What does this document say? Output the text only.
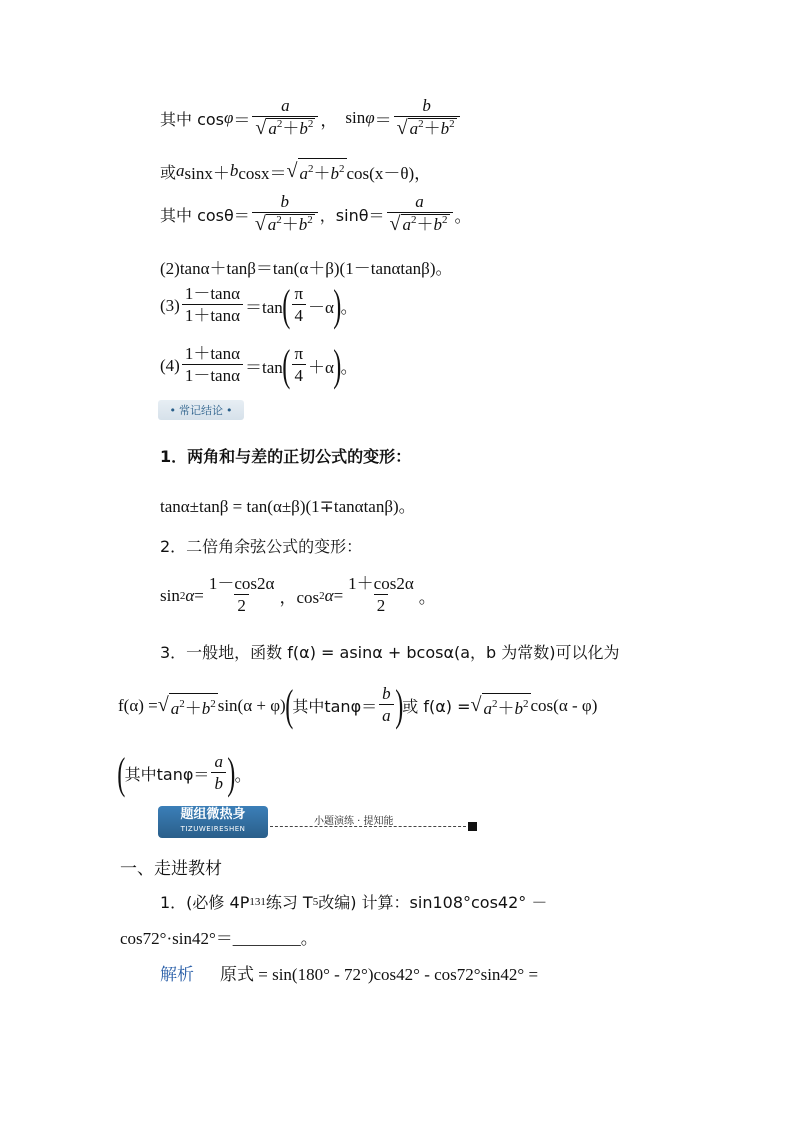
其中 $\cos \varphi = \frac{a}{√ a^2+b^2}$ ， $\sin \varphi = \frac{b}{√ a^2+b^2}$
或 a sinx＋ b cosx＝ √ $a^2+b^2$ cos(x－θ)，
其中 $\cos\theta= \frac{b}{√ a^2+b^2}$ ，$\sin\theta= \frac{a}{√ a^2+b^2}$ 。
(2)tanα＋tanβ＝tan(α＋β)(1－tanαtanβ)。
$(3) \frac{1-\tan\alpha}{1+\tan\alpha} =\tan$ ( $\frac{\pi}{4} -\alpha$ ) 。
$(4) \frac{1+\tan\alpha}{1-\tan\alpha} =\tan$ ( $\frac{\pi}{4} +\alpha$ ) 。
• 常记结论 •
1．两角和与差的正切公式的变形：
tanα±tanβ = tan(α±β)(1∓tanαtanβ)。
2．二倍角余弦公式的变形：
sin 2 $\alpha = \frac{1-\cos 2\alpha}{2}$ ，cos 2 $\alpha = \frac{1+\cos 2\alpha}{2}$ 。
3．一般地，函数 f(α) = asinα + bcosα(a，b 为常数)可以化为
f(α) = √ $a^2+b^2$ sin(α + φ) ( 其中$\tan\varphi= \frac{b}{a}$ ) 或 f(α) = √ $a^2+b^2$ cos(α - φ)
( 其中$\tan\varphi= \frac{a}{b}$ ) 。
题组微热身
TIZUWEIRESHEN
小题演练 · 提知能
一、走进教材
1．(必修 4P 131 练习 T 5 改编) 计算：sin108°cos42° －
cos72°·sin42°＝________。
解析 原式 = sin(180° - 72°)cos42° - cos72°sin42° =
